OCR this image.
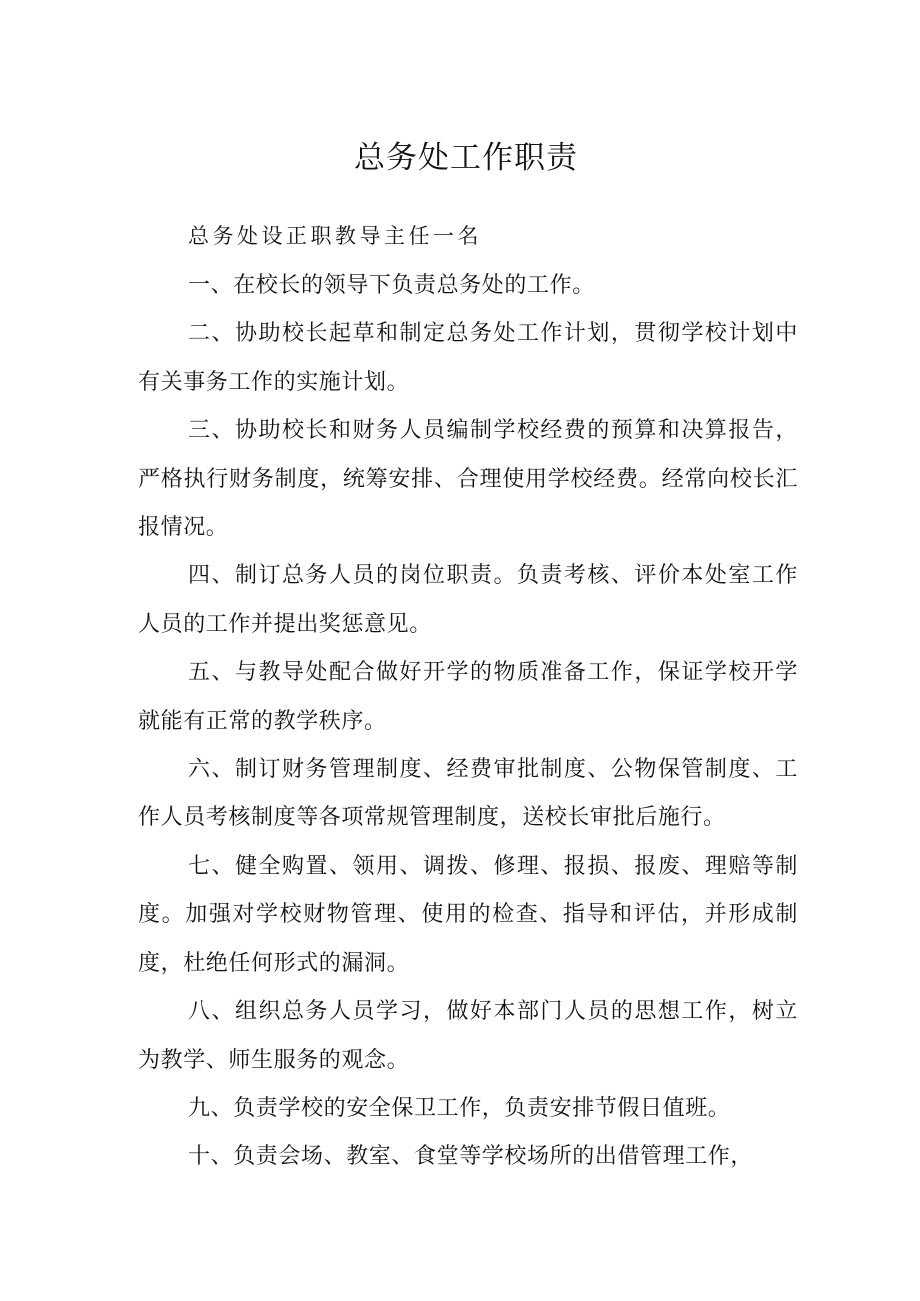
总务处工作职责

总务处设正职教导主任一名

一、在校长的领导下负责总务处的工作。

二、协助校长起草和制定总务处工作计划，贯彻学校计划中有关事务工作的实施计划。

三、协助校长和财务人员编制学校经费的预算和决算报告，严格执行财务制度，统筹安排、合理使用学校经费。经常向校长汇报情况。

四、制订总务人员的岗位职责。负责考核、评价本处室工作人员的工作并提出奖惩意见。

五、与教导处配合做好开学的物质准备工作，保证学校开学就能有正常的教学秩序。

六、制订财务管理制度、经费审批制度、公物保管制度、工作人员考核制度等各项常规管理制度，送校长审批后施行。

七、健全购置、领用、调拨、修理、报损、报废、理赔等制度。加强对学校财物管理、使用的检查、指导和评估，并形成制度，杜绝任何形式的漏洞。

八、组织总务人员学习，做好本部门人员的思想工作，树立为教学、师生服务的观念。

九、负责学校的安全保卫工作，负责安排节假日值班。

十、负责会场、教室、食堂等学校场所的出借管理工作，
